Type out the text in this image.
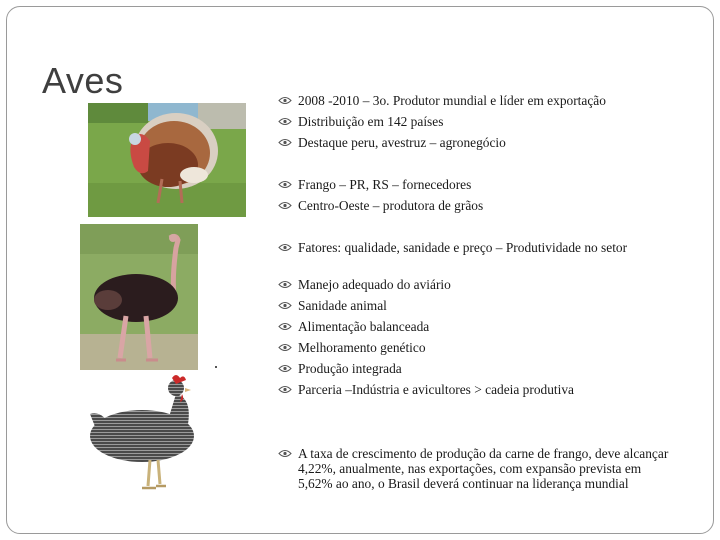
Aves	2008 -2010 – 3o. Produtor mundial e líder em exportação
Distribuição em 142 países
Destaque peru, avestruz – agronegócio
Frango – PR, RS – fornecedores
Centro-Oeste – produtora de grãos
Fatores: qualidade, sanidade e preço – Produtividade no setor
Manejo adequado do aviário
Sanidade animal
Alimentação balanceada
Melhoramento genético
Produção integrada
Parceria –Indústria e avicultores > cadeia produtiva
A taxa de crescimento de produção da carne de frango, deve alcançar 4,22%, anualmente, nas exportações, com expansão prevista em 5,62% ao ano, o Brasil deverá continuar na liderança mundial
